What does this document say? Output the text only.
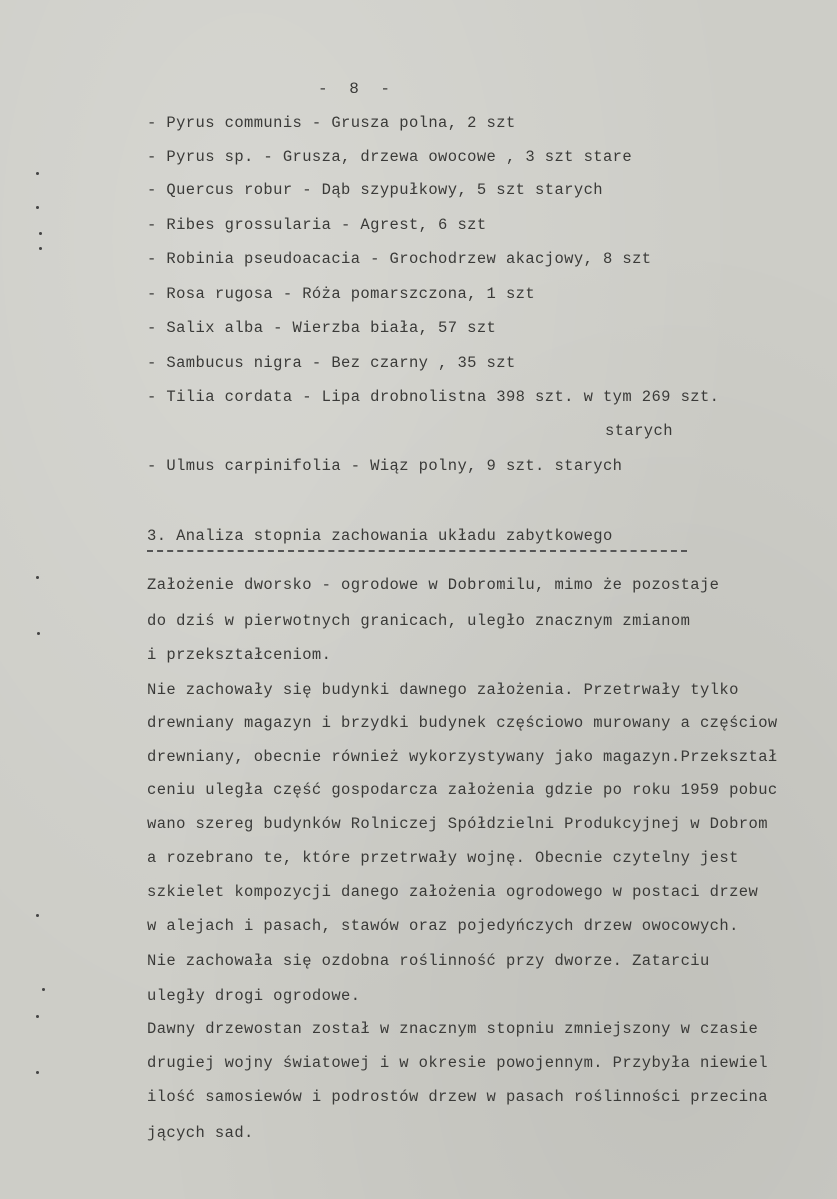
- 8 -
- Pyrus communis - Grusza polna, 2 szt
- Pyrus sp. - Grusza, drzewa owocowe , 3 szt stare
- Quercus robur - Dąb szypułkowy, 5 szt starych
- Ribes grossularia - Agrest, 6 szt
- Robinia pseudoacacia - Grochodrzew akacjowy, 8 szt
- Rosa rugosa - Róża pomarszczona, 1 szt
- Salix alba - Wierzba biała, 57 szt
- Sambucus nigra - Bez czarny , 35 szt
- Tilia cordata - Lipa drobnolistna 398 szt. w tym 269 szt.
starych
- Ulmus carpinifolia - Wiąz polny, 9 szt. starych
3. Analiza stopnia zachowania układu zabytkowego
Założenie dworsko - ogrodowe w Dobromilu, mimo że pozostaje
do dziś w pierwotnych granicach, uległo znacznym zmianom
i przekształceniom.
Nie zachowały się budynki dawnego założenia. Przetrwały tylko
drewniany magazyn i brzydki budynek częściowo murowany a częściow
drewniany, obecnie również wykorzystywany jako magazyn.Przekształ
ceniu uległa część gospodarcza założenia gdzie po roku 1959 pobuc
wano szereg budynków Rolniczej Spółdzielni Produkcyjnej w Dobrom
a rozebrano te, które przetrwały wojnę. Obecnie czytelny jest
szkielet kompozycji danego założenia ogrodowego w postaci drzew
w alejach i pasach, stawów oraz pojedyńczych drzew owocowych.
Nie zachowała się ozdobna roślinność przy dworze. Zatarciu
uległy drogi ogrodowe.
Dawny drzewostan został w znacznym stopniu zmniejszony w czasie
drugiej wojny światowej i w okresie powojennym. Przybyła niewiel
ilość samosiewów i podrostów drzew w pasach roślinności przecina
jących sad.
